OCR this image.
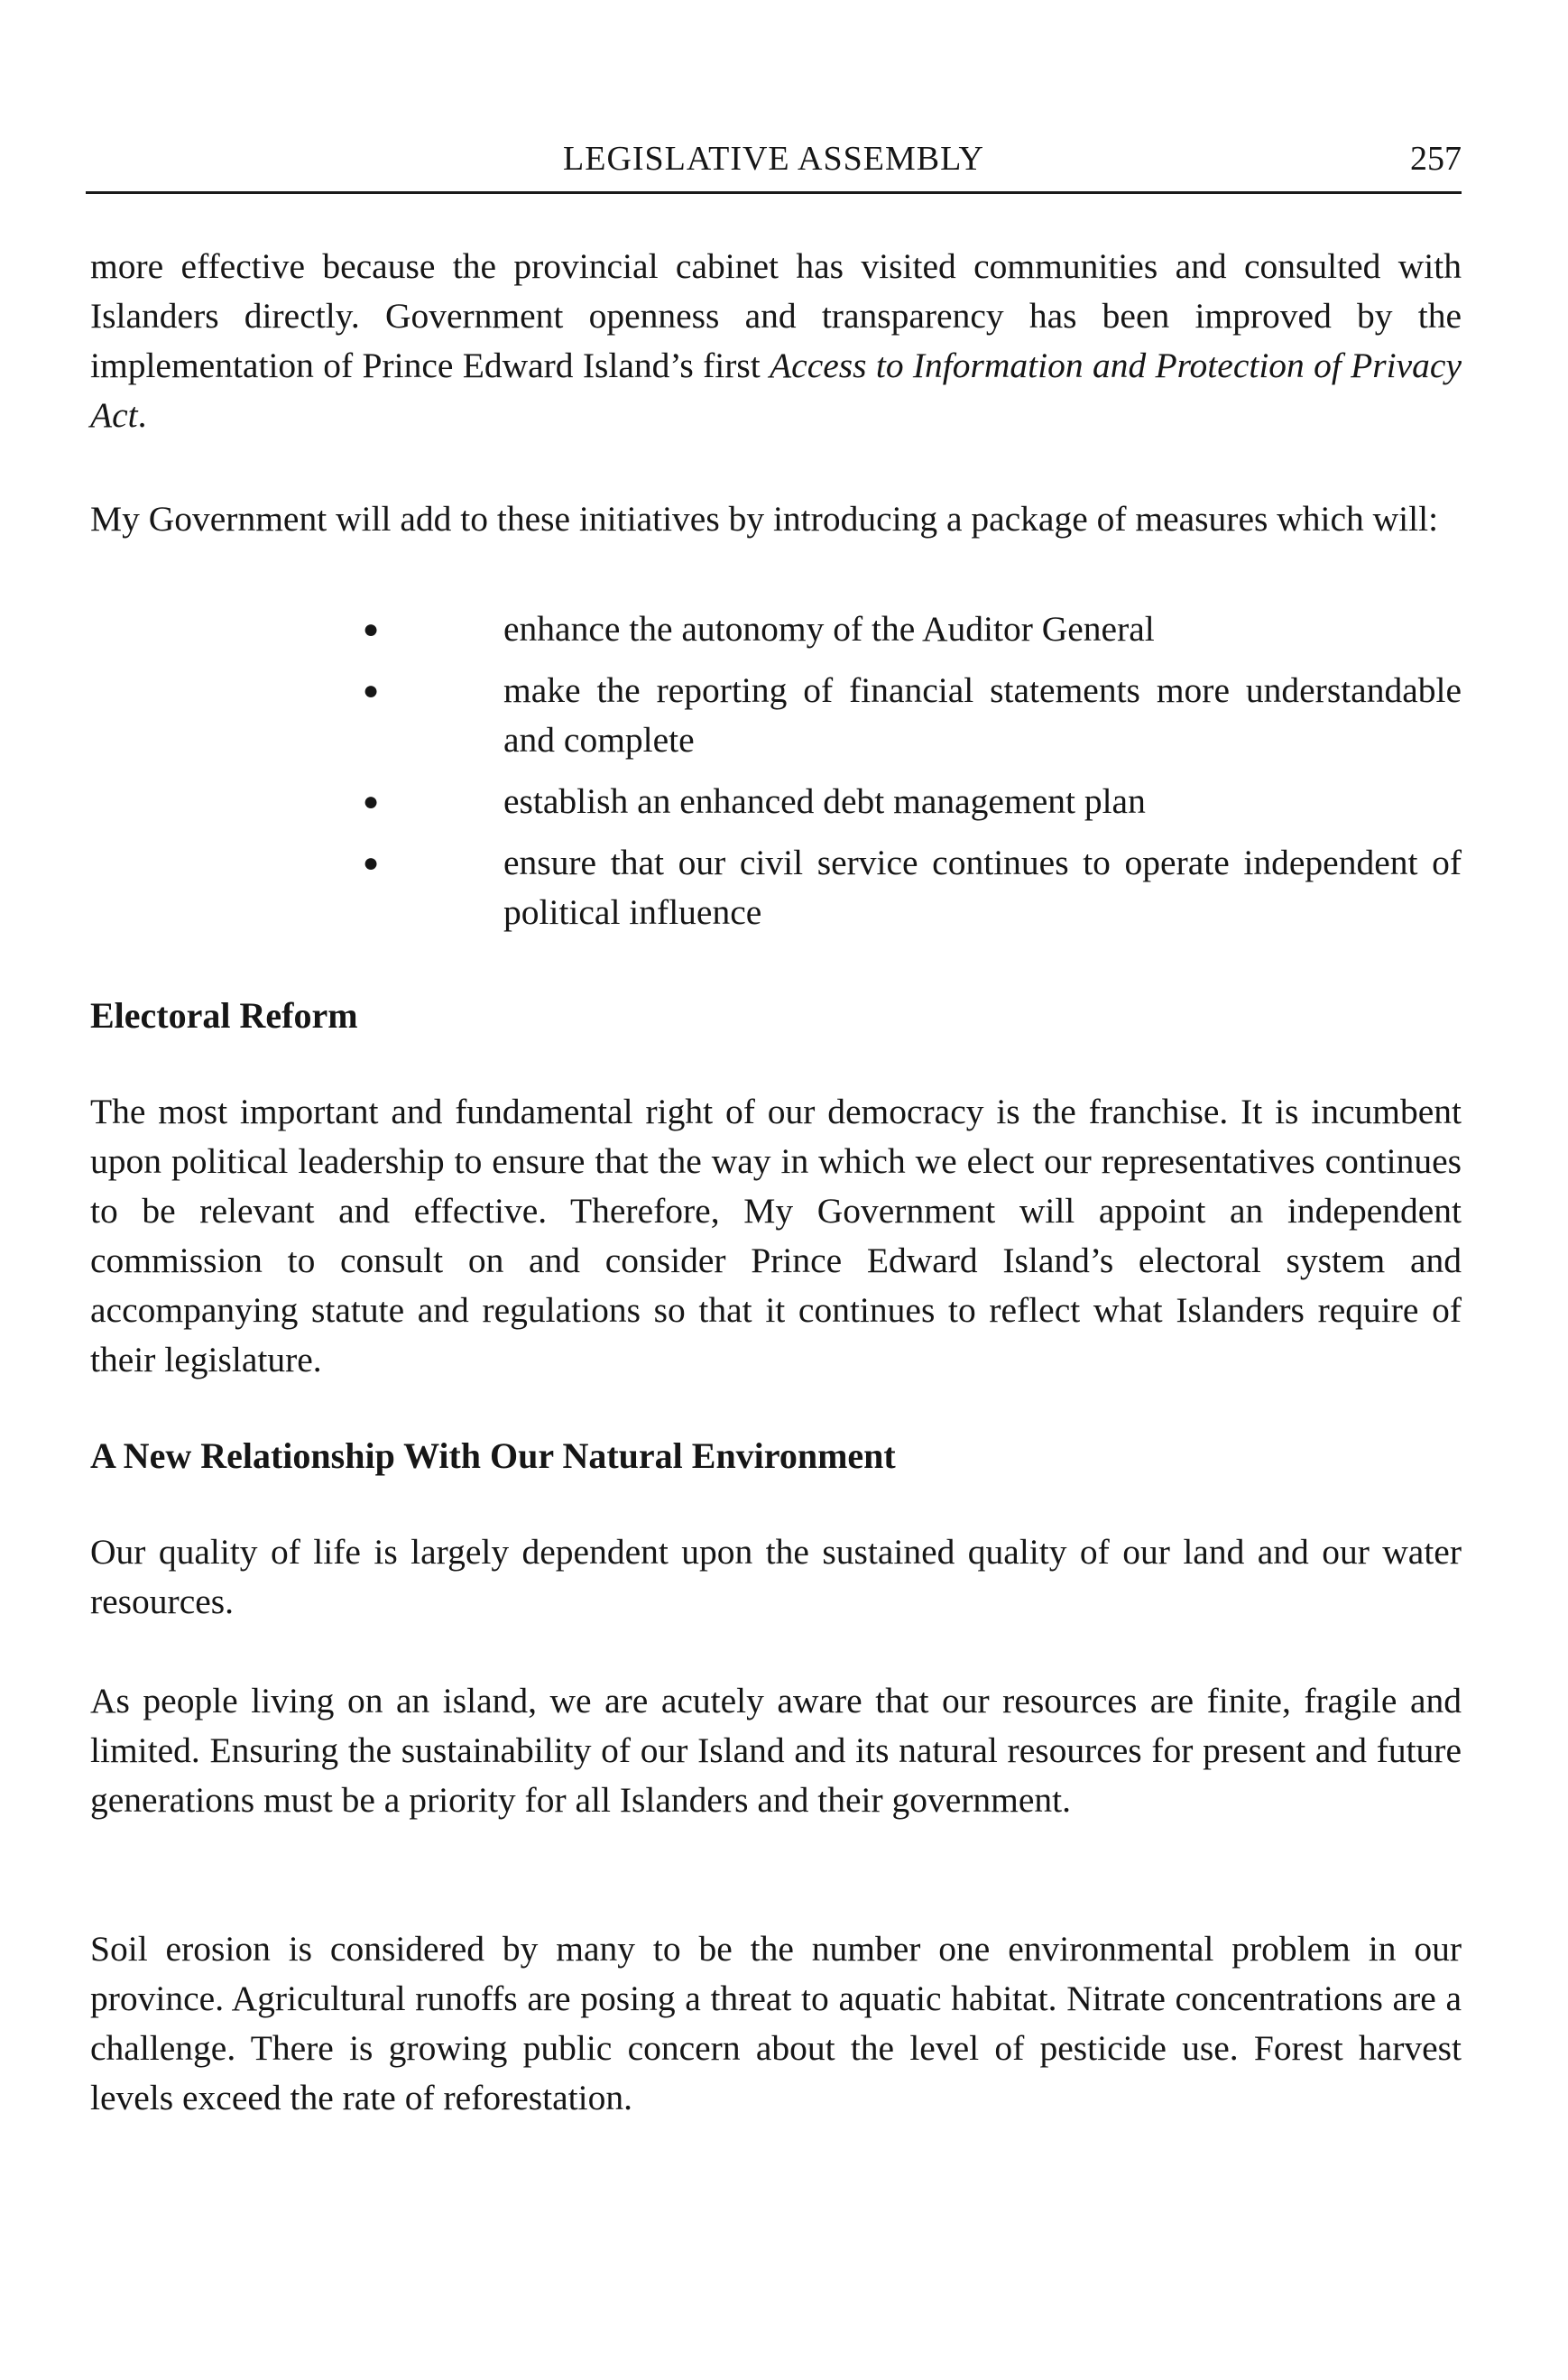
LEGISLATIVE ASSEMBLY	257

more effective because the provincial cabinet has visited communities and consulted with Islanders directly. Government openness and transparency has been improved by the implementation of Prince Edward Island’s first Access to Information and Protection of Privacy Act.

My Government will add to these initiatives by introducing a package of measures which will:

●	enhance the autonomy of the Auditor General
●	make the reporting of financial statements more understandable and complete
●	establish an enhanced debt management plan
●	ensure that our civil service continues to operate independent of political influence
Electoral Reform

The most important and fundamental right of our democracy is the franchise. It is incumbent upon political leadership to ensure that the way in which we elect our representatives continues to be relevant and effective. Therefore, My Government will appoint an independent commission to consult on and consider Prince Edward Island’s electoral system and accompanying statute and regulations so that it continues to reflect what Islanders require of their legislature.

A New Relationship With Our Natural Environment

Our quality of life is largely dependent upon the sustained quality of our land and our water resources.

As people living on an island, we are acutely aware that our resources are finite, fragile and limited. Ensuring the sustainability of our Island and its natural resources for present and future generations must be a priority for all Islanders and their government.

Soil erosion is considered by many to be the number one environmental problem in our province. Agricultural runoffs are posing a threat to aquatic habitat. Nitrate concentrations are a challenge. There is growing public concern about the level of pesticide use. Forest harvest levels exceed the rate of reforestation.
